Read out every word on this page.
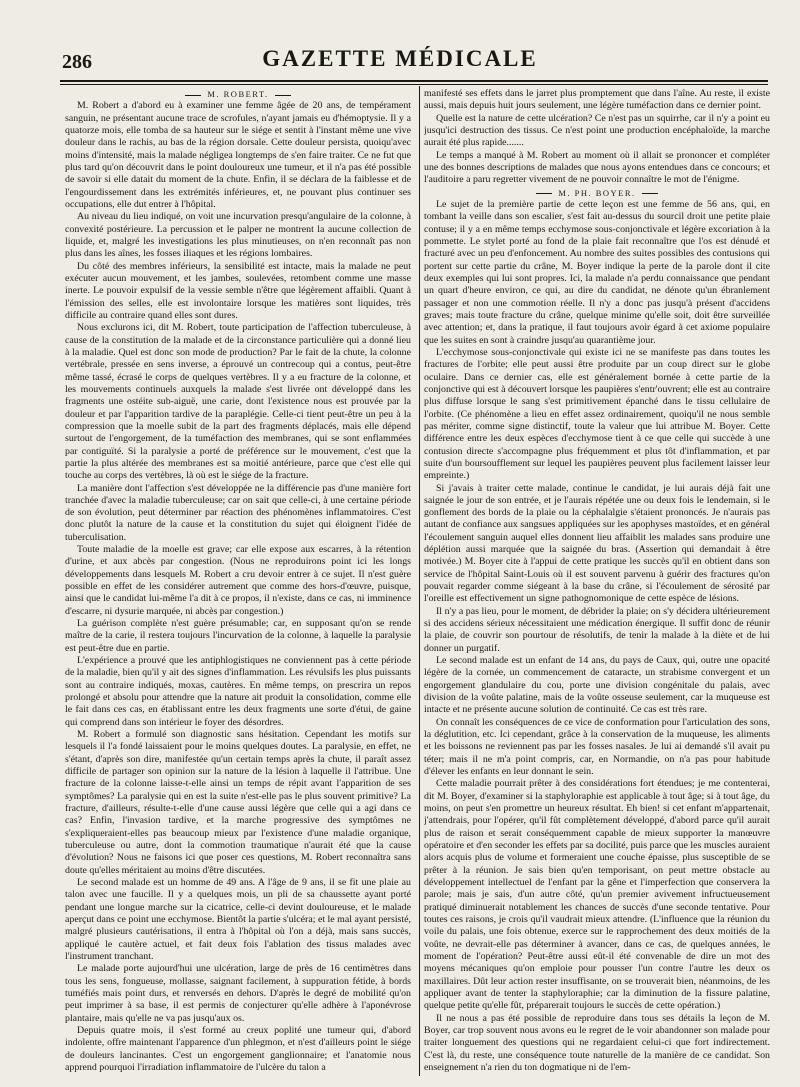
286	GAZETTE MÉDICALE

M. ROBERT.

M. Robert a d'abord eu à examiner une femme âgée de 20 ans, de tempérament sanguin, ne présentant aucune trace de scrofules, n'ayant jamais eu d'hémoptysie. Il y a quatorze mois, elle tomba de sa hauteur sur le siége et sentit à l'instant même une vive douleur dans le rachis, au bas de la région dorsale. Cette douleur persista, quoiqu'avec moins d'intensité, mais la malade négligea longtemps de s'en faire traiter. Ce ne fut que plus tard qu'on découvrit dans le point douloureux une tumeur, et il n'a pas été possible de savoir si elle datait du moment de la chute. Enfin, il se déclara de la faiblesse et de l'engourdissement dans les extrémités inférieures, et, ne pouvant plus continuer ses occupations, elle dut entrer à l'hôpital.

Au niveau du lieu indiqué, on voit une incurvation presqu'angulaire de la colonne, à convexité postérieure. La percussion et le palper ne montrent la aucune collection de liquide, et, malgré les investigations les plus minutieuses, on n'en reconnaît pas non plus dans les aînes, les fosses iliaques et les régions lombaires.

Du côté des membres inférieurs, la sensibilité est intacte, mais la malade ne peut exécuter aucun mouvement, et les jambes, soulevées, retombent comme une masse inerte. Le pouvoir expulsif de la vessie semble n'être que légèrement affaibli. Quant à l'émission des selles, elle est involontaire lorsque les matières sont liquides, très difficile au contraire quand elles sont dures.

Nous exclurons ici, dit M. Robert, toute participation de l'affection tuberculeuse, à cause de la constitution de la malade et de la circonstance particulière qui a donné lieu à la maladie. Quel est donc son mode de production? Par le fait de la chute, la colonne vertébrale, pressée en sens inverse, a éprouvé un contrecoup qui a contus, peut-être même tassé, écrasé le corps de quelques vertèbres. Il y a eu fracture de la colonne, et les mouvements continuels auxquels la malade s'est livrée ont développé dans les fragments une ostéite sub-aiguë, une carie, dont l'existence nous est prouvée par la douleur et par l'apparition tardive de la paraplégie. Celle-ci tient peut-être un peu à la compression que la moelle subit de la part des fragments déplacés, mais elle dépend surtout de l'engorgement, de la tuméfaction des membranes, qui se sont enflammées par contiguïté. Si la paralysie a porté de préférence sur le mouvement, c'est que la partie la plus altérée des membranes est sa moitié antérieure, parce que c'est elle qui touche au corps des vertèbres, là où est le siége de la fracture.

La manière dont l'affection s'est développée ne la différencie pas d'une manière fort tranchée d'avec la maladie tuberculeuse; car on sait que celle-ci, à une certaine période de son évolution, peut déterminer par réaction des phénomènes inflammatoires. C'est donc plutôt la nature de la cause et la constitution du sujet qui éloignent l'idée de tuberculisation.

Toute maladie de la moelle est grave; car elle expose aux escarres, à la rétention d'urine, et aux abcès par congestion. (Nous ne reproduirons point ici les longs développements dans lesquels M. Robert a cru devoir entrer à ce sujet. Il n'est guère possible en effet de les considérer autrement que comme des hors-d'œuvre, puisque, ainsi que le candidat lui-même l'a dit à ce propos, il n'existe, dans ce cas, ni imminence d'escarre, ni dysurie marquée, ni abcès par congestion.)

La guérison complète n'est guère présumable; car, en supposant qu'on se rende maître de la carie, il restera toujours l'incurvation de la colonne, à laquelle la paralysie est peut-être due en partie.

L'expérience a prouvé que les antiphlogistiques ne conviennent pas à cette période de la maladie, bien qu'il y ait des signes d'inflammation. Les révulsifs les plus puissants sont au contraire indiqués, moxas, cautères. En même temps, on prescrira un repos prolongé et absolu pour attendre que la nature ait produit la consolidation, comme elle le fait dans ces cas, en établissant entre les deux fragments une sorte d'étui, de gaine qui comprend dans son intérieur le foyer des désordres.

M. Robert a formulé son diagnostic sans hésitation. Cependant les motifs sur lesquels il l'a fondé laissaient pour le moins quelques doutes. La paralysie, en effet, ne s'étant, d'après son dire, manifestée qu'un certain temps après la chute, il paraît assez difficile de partager son opinion sur la nature de la lésion à laquelle il l'attribue. Une fracture de la colonne laisse-t-elle ainsi un temps de répit avant l'apparition de ses symptômes? La paralysie qui en est la suite n'est-elle pas le plus souvent primitive? La fracture, d'ailleurs, résulte-t-elle d'une cause aussi légère que celle qui a agi dans ce cas? Enfin, l'invasion tardive, et la marche progressive des symptômes ne s'expliqueraient-elles pas beaucoup mieux par l'existence d'une maladie organique, tuberculeuse ou autre, dont la commotion traumatique n'aurait été que la cause d'évolution? Nous ne faisons ici que poser ces questions, M. Robert reconnaîtra sans doute qu'elles méritaient au moins d'être discutées.

Le second malade est un homme de 49 ans. A l'âge de 9 ans, il se fit une plaie au talon avec une faucille. Il y a quelques mois, un pli de sa chaussette ayant porté pendant une longue marche sur la cicatrice, celle-ci devint douloureuse, et le malade aperçut dans ce point une ecchymose. Bientôt la partie s'ulcéra; et le mal ayant persisté, malgré plusieurs cautérisations, il entra à l'hôpital où l'on a déjà, mais sans succès, appliqué le cautère actuel, et fait deux fois l'ablation des tissus malades avec l'instrument tranchant.

Le malade porte aujourd'hui une ulcération, large de près de 16 centimètres dans tous les sens, fongueuse, mollasse, saignant facilement, à suppuration fétide, à bords tuméfiés mais point durs, et renversés en dehors. D'après le degré de mobilité qu'on peut imprimer à sa base, il est permis de conjecturer qu'elle adhère à l'aponévrose plantaire, mais qu'elle ne va pas jusqu'aux os.

Depuis quatre mois, il s'est formé au creux poplité une tumeur qui, d'abord indolente, offre maintenant l'apparence d'un phlegmon, et n'est d'ailleurs point le siége de douleurs lancinantes. C'est un engorgement ganglionnaire; et l'anatomie nous apprend pourquoi l'irradiation inflammatoire de l'ulcère du talon a

manifesté ses effets dans le jarret plus promptement que dans l'aîne. Au reste, il existe aussi, mais depuis huit jours seulement, une légère tuméfaction dans ce dernier point.

Quelle est la nature de cette ulcération? Ce n'est pas un squirrhe, car il n'y a point eu jusqu'ici destruction des tissus. Ce n'est point une production encéphaloïde, la marche aurait été plus rapide.......

Le temps a manqué à M. Robert au moment où il allait se prononcer et compléter une des bonnes descriptions de malades que nous ayons entendues dans ce concours; et l'auditoire a paru regretter vivement de ne pouvoir connaître le mot de l'énigme.

M. PH. BOYER.

Le sujet de la première partie de cette leçon est une femme de 56 ans, qui, en tombant la veille dans son escalier, s'est fait au-dessus du sourcil droit une petite plaie contuse; il y a en même temps ecchymose sous-conjonctivale et légère excoriation à la pommette. Le stylet porté au fond de la plaie fait reconnaître que l'os est dénudé et fracturé avec un peu d'enfoncement. Au nombre des suites possibles des contusions qui portent sur cette partie du crâne, M. Boyer indique la perte de la parole dont il cite deux exemples qui lui sont propres. Ici, la malade n'a perdu connaissance que pendant un quart d'heure environ, ce qui, au dire du candidat, ne dénote qu'un ébranlement passager et non une commotion réelle. Il n'y a donc pas jusqu'à présent d'accidens graves; mais toute fracture du crâne, quelque minime qu'elle soit, doit être surveillée avec attention; et, dans la pratique, il faut toujours avoir égard à cet axiome populaire que les suites en sont à craindre jusqu'au quarantième jour.

L'ecchymose sous-conjonctivale qui existe ici ne se manifeste pas dans toutes les fractures de l'orbite; elle peut aussi être produite par un coup direct sur le globe oculaire. Dans ce dernier cas, elle est généralement bornée à cette partie de la conjonctive qui est à découvert lorsque les paupières s'entr'ouvrent; elle est au contraire plus diffuse lorsque le sang s'est primitivement épanché dans le tissu cellulaire de l'orbite. (Ce phénomène a lieu en effet assez ordinairement, quoiqu'il ne nous semble pas mériter, comme signe distinctif, toute la valeur que lui attribue M. Boyer. Cette différence entre les deux espèces d'ecchymose tient à ce que celle qui succède à une contusion directe s'accompagne plus fréquemment et plus tôt d'inflammation, et par suite d'un boursoufflement sur lequel les paupières peuvent plus facilement laisser leur empreinte.)

Si j'avais à traiter cette malade, continue le candidat, je lui aurais déjà fait une saignée le jour de son entrée, et je l'aurais répétée une ou deux fois le lendemain, si le gonflement des bords de la plaie ou la céphalalgie s'étaient prononcés. Je n'aurais pas autant de confiance aux sangsues appliquées sur les apophyses mastoïdes, et en général l'écoulement sanguin auquel elles donnent lieu affaiblit les malades sans produire une déplétion aussi marquée que la saignée du bras. (Assertion qui demandait à être motivée.) M. Boyer cite à l'appui de cette pratique les succès qu'il en obtient dans son service de l'hôpital Saint-Louis où il est souvent parvenu à guérir des fractures qu'on pouvait regarder comme siégeant à la base du crâne, si l'écoulement de sérosité par l'oreille est effectivement un signe pathognomonique de cette espèce de lésions.

Il n'y a pas lieu, pour le moment, de débrider la plaie; on s'y décidera ultérieurement si des accidens sérieux nécessitaient une médication énergique. Il suffit donc de réunir la plaie, de couvrir son pourtour de résolutifs, de tenir la malade à la diète et de lui donner un purgatif.

Le second malade est un enfant de 14 ans, du pays de Caux, qui, outre une opacité légère de la cornée, un commencement de cataracte, un strabisme convergent et un engorgement glandulaire du cou, porte une division congénitale du palais, avec division de la voûte palatine, mais de la voûte osseuse seulement, car la muqueuse est intacte et ne présente aucune solution de continuité. Ce cas est très rare.

On connaît les conséquences de ce vice de conformation pour l'articulation des sons, la déglutition, etc. Ici cependant, grâce à la conservation de la muqueuse, les aliments et les boissons ne reviennent pas par les fosses nasales. Je lui ai demandé s'il avait pu téter; mais il ne m'a point compris, car, en Normandie, on n'a pas pour habitude d'élever les enfants en leur donnant le sein.

Cette maladie pourrait prêter à des considérations fort étendues; je me contenterai, dit M. Boyer, d'examiner si la staphyloraphie est applicable à tout âge; si à tout âge, du moins, on peut s'en promettre un heureux résultat. Eh bien! si cet enfant m'appartenait, j'attendrais, pour l'opérer, qu'il fût complètement développé, d'abord parce qu'il aurait plus de raison et serait conséquemment capable de mieux supporter la manœuvre opératoire et d'en seconder les effets par sa docilité, puis parce que les muscles auraient alors acquis plus de volume et formeraient une couche épaisse, plus susceptible de se prêter à la réunion. Je sais bien qu'en temporisant, on peut mettre obstacle au développement intellectuel de l'enfant par la gêne et l'imperfection que conservera la parole; mais je sais, d'un autre côté, qu'un premier avivement infructueusement pratiqué diminuerait notablement les chances de succès d'une seconde tentative. Pour toutes ces raisons, je crois qu'il vaudrait mieux attendre. (L'influence que la réunion du voile du palais, une fois obtenue, exerce sur le rapprochement des deux moitiés de la voûte, ne devrait-elle pas déterminer à avancer, dans ce cas, de quelques années, le moment de l'opération? Peut-être aussi eût-il été convenable de dire un mot des moyens mécaniques qu'on emploie pour pousser l'un contre l'autre les deux os maxillaires. Dût leur action rester insuffisante, on se trouverait bien, néanmoins, de les appliquer avant de tenter la staphyloraphie; car la diminution de la fissure palatine, quelque petite qu'elle fût, préparerait toujours le succès de cette opération.)

Il ne nous a pas été possible de reproduire dans tous ses détails la leçon de M. Boyer, car trop souvent nous avons eu le regret de le voir abandonner son malade pour traiter longuement des questions qui ne regardaient celui-ci que fort indirectement. C'est là, du reste, une conséquence toute naturelle de la manière de ce candidat. Son enseignement n'a rien du ton dogmatique ni de l'em-
